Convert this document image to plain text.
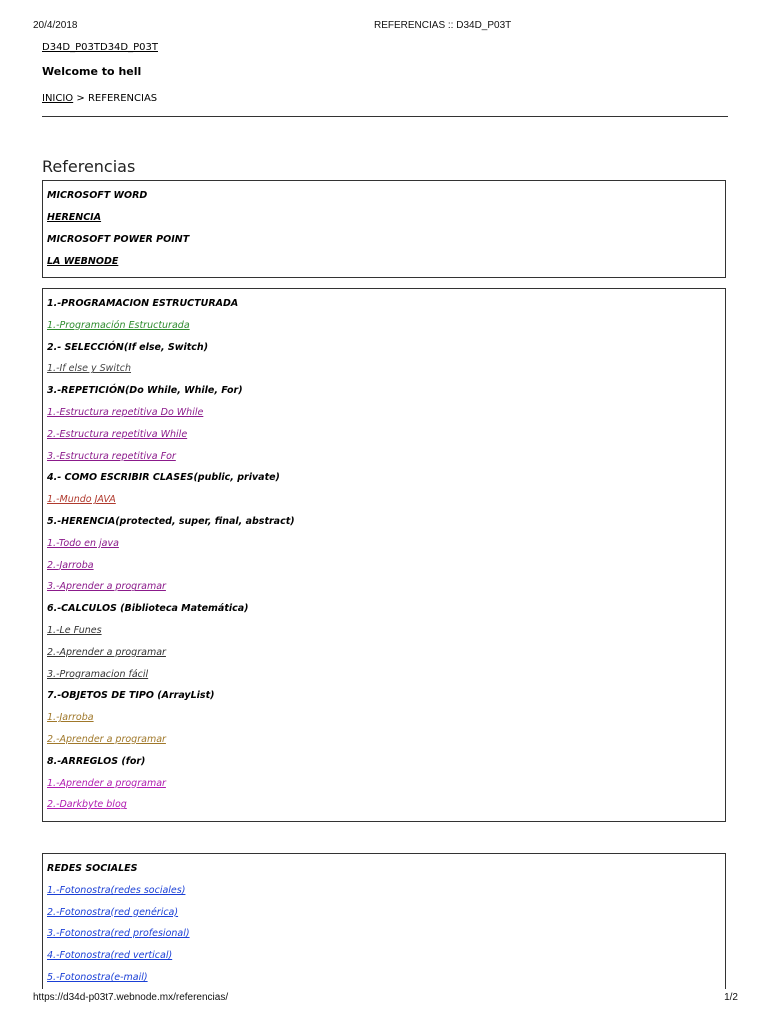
20/4/2018	REFERENCIAS :: D34D_P03T
D34D_P03TD34D_P03T
Welcome to hell
INICIO > REFERENCIAS
Referencias
MICROSOFT WORD
HERENCIA
MICROSOFT POWER POINT
LA WEBNODE
1.-PROGRAMACION ESTRUCTURADA
1.-Programación Estructurada
2.- SELECCIÓN(If else, Switch)
1.-If else y Switch
3.-REPETICIÓN(Do While, While, For)
1.-Estructura repetitiva Do While
2.-Estructura repetitiva While
3.-Estructura repetitiva For
4.- COMO ESCRIBIR CLASES(public, private)
1.-Mundo JAVA
5.-HERENCIA(protected, super, final, abstract)
1.-Todo en java
2.-Jarroba
3.-Aprender a programar
6.-CALCULOS (Biblioteca Matemática)
1.-Le Funes
2.-Aprender a programar
3.-Programacion fácil
7.-OBJETOS DE TIPO (ArrayList)
1.-Jarroba
2.-Aprender a programar
8.-ARREGLOS (for)
1.-Aprender a programar
2.-Darkbyte blog
REDES SOCIALES
1.-Fotonostra(redes sociales)
2.-Fotonostra(red genérica)
3.-Fotonostra(red profesional)
4.-Fotonostra(red vertical)
5.-Fotonostra(e-mail)
https://d34d-p03t7.webnode.mx/referencias/	1/2
